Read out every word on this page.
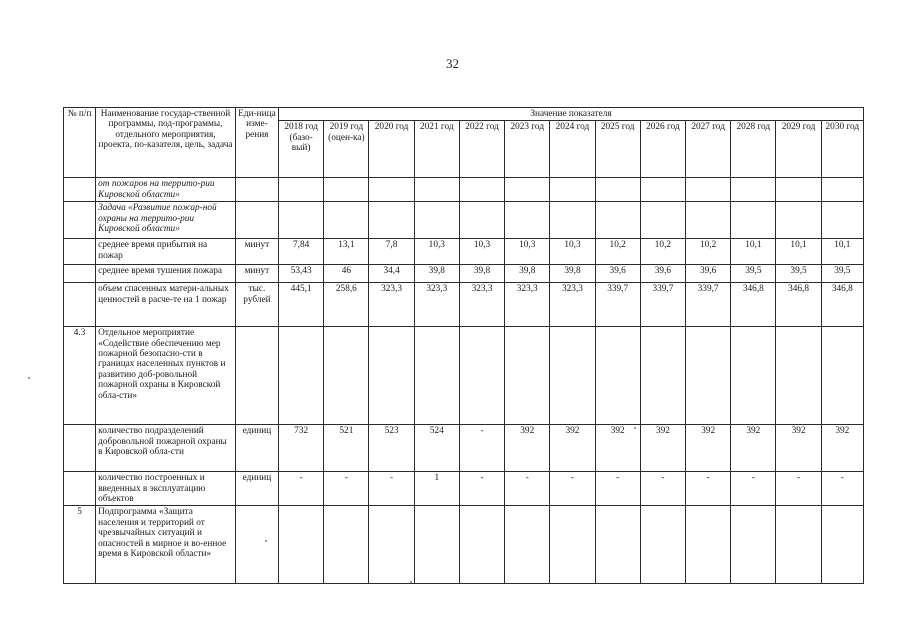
32
№ п/п	Наименование государ-ственной программы, под-программы, отдельного мероприятия, проекта, по-казателя, цель, задача	Еди-ница изме-рения	Значение показателя												
			2018 год (базо-вый)	2019 год (оцен-ка)	2020 год	2021 год	2022 год	2023 год	2024 год	2025 год	2026 год	2027 год	2028 год	2029 год	2030 год
	от пожаров на террито-рии Кировской области»														
	Задача «Развитие пожар-ной охраны на террито-рии Кировской области»														
	среднее время прибытия на пожар	минут	7,84	13,1	7,8	10,3	10,3	10,3	10,3	10,2	10,2	10,2	10,1	10,1	10,1
	среднее время тушения пожара	минут	53,43	46	34,4	39,8	39,8	39,8	39,8	39,6	39,6	39,6	39,5	39,5	39,5
	объем спасенных матери-альных ценностей в расче-те на 1 пожар	тыс. рублей	445,1	258,6	323,3	323,3	323,3	323,3	323,3	339,7	339,7	339,7	346,8	346,8	346,8
4.3	Отдельное мероприятие «Содействие обеспечению мер пожарной безопасно-сти в границах населенных пунктов и развитию доб-ровольной пожарной охраны в Кировской обла-сти»														
	количество подразделений добровольной пожарной охраны в Кировской обла-сти	единиц	732	521	523	524	-	392	392	392	392	392	392	392	392
	количество построенных и введенных в эксплуатацию объектов	единиц	-	-	-	1	-	-	-	-	-	-	-	-	-
5	Подпрограмма «Защита населения и территорий от чрезвычайных ситуаций и опасностей в мирное и во-енное время в Кировской области»														
